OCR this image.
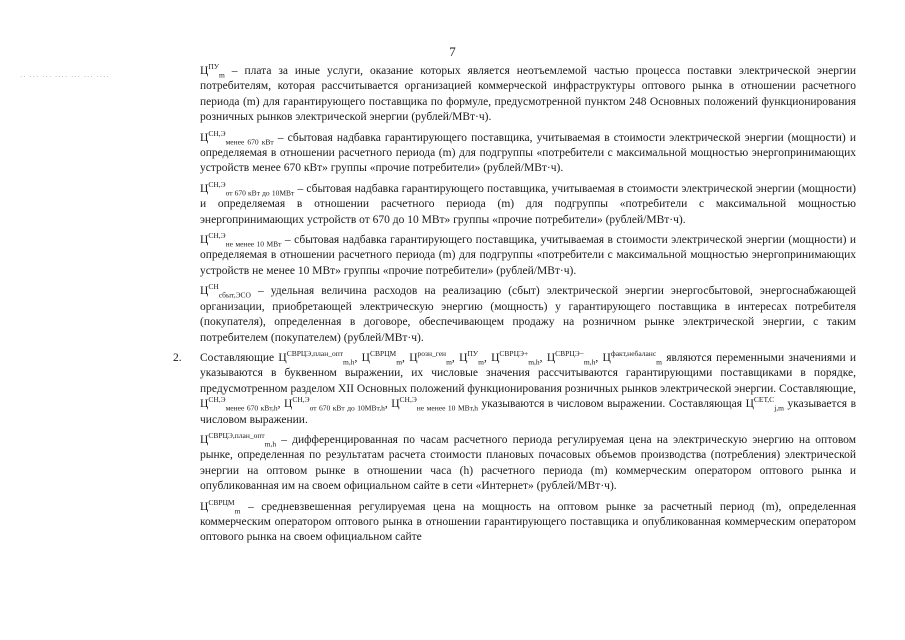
7
·· ··· ··· ···· ··· ··· ····	$Ц^{ПУ}_m$ – плата за иные услуги, оказание которых является неотъемлемой частью процесса поставки электрической энергии потребителям, которая рассчитывается организацией коммерческой инфраструктуры оптового рынка в отношении расчетного периода (m) для гарантирующего поставщика по формуле, предусмотренной пунктом 248 Основных положений функционирования розничных рынков электрической энергии (рублей/МВт·ч).

$Ц^{СН,Э}_{менее 670 кВт}$ – сбытовая надбавка гарантирующего поставщика, учитываемая в стоимости электрической энергии (мощности) и определяемая в отношении расчетного периода (m) для подгруппы «потребители с максимальной мощностью энергопринимающих устройств менее 670 кВт» группы «прочие потребители» (рублей/МВт·ч).

$Ц^{СН,Э}_{от 670 кВт до 10МВт}$ – сбытовая надбавка гарантирующего поставщика, учитываемая в стоимости электрической энергии (мощности) и определяемая в отношении расчетного периода (m) для подгруппы «потребители с максимальной мощностью энергопринимающих устройств от 670 до 10 МВт» группы «прочие потребители» (рублей/МВт·ч).

$Ц^{СН,Э}_{не менее 10 МВт}$ – сбытовая надбавка гарантирующего поставщика, учитываемая в стоимости электрической энергии (мощности) и определяемая в отношении расчетного периода (m) для подгруппы «потребители с максимальной мощностью энергопринимающих устройств не менее 10 МВт» группы «прочие потребители» (рублей/МВт·ч).

$Ц^{СН}_{сбыт,ЭСО}$ – удельная величина расходов на реализацию (сбыт) электрической энергии энергосбытовой, энергоснабжающей организации, приобретающей электрическую энергию (мощность) у гарантирующего поставщика в интересах потребителя (покупателя), определенная в договоре, обеспечивающем продажу на розничном рынке электрической энергии, с таким потребителем (покупателем) (рублей/МВт·ч).

2. Составляющие $Ц^{СВРЦЭ,план\_опт}_{m,h}$, $Ц^{СВРЦМ}_m$, $Ц^{розн\_ген}_m$, $Ц^{ПУ}_m$, $Ц^{СВРЦЭ+}_{m,h}$, $Ц^{СВРЦЭ-}_{m,h}$, $Ц^{факт,небаланс}_m$ являются переменными значениями и указываются в буквенном выражении, их числовые значения рассчитываются гарантирующими поставщиками в порядке, предусмотренном разделом XII Основных положений функционирования розничных рынков электрической энергии. Составляющие, $Ц^{СН,Э}_{менее 670 кВт,h}$, $Ц^{СН,Э}_{от 670 кВт до 10МВт,h}$, $Ц^{СН,Э}_{не менее 10 МВт,h}$ указываются в числовом выражении. Составляющая $Ц^{СЕТ,С}_{j,m}$ указывается в числовом выражении.

$Ц^{СВРЦЭ,план\_опт}_{m,h}$ – дифференцированная по часам расчетного периода регулируемая цена на электрическую энергию на оптовом рынке, определенная по результатам расчета стоимости плановых почасовых объемов производства (потребления) электрической энергии на оптовом рынке в отношении часа (h) расчетного периода (m) коммерческим оператором оптового рынка и опубликованная им на своем официальном сайте в сети «Интернет» (рублей/МВт·ч).

$Ц^{СВРЦМ}_m$ – средневзвешенная регулируемая цена на мощность на оптовом рынке за расчетный период (m), определенная коммерческим оператором оптового рынка в отношении гарантирующего поставщика и опубликованная коммерческим оператором оптового рынка на своем официальном сайте
